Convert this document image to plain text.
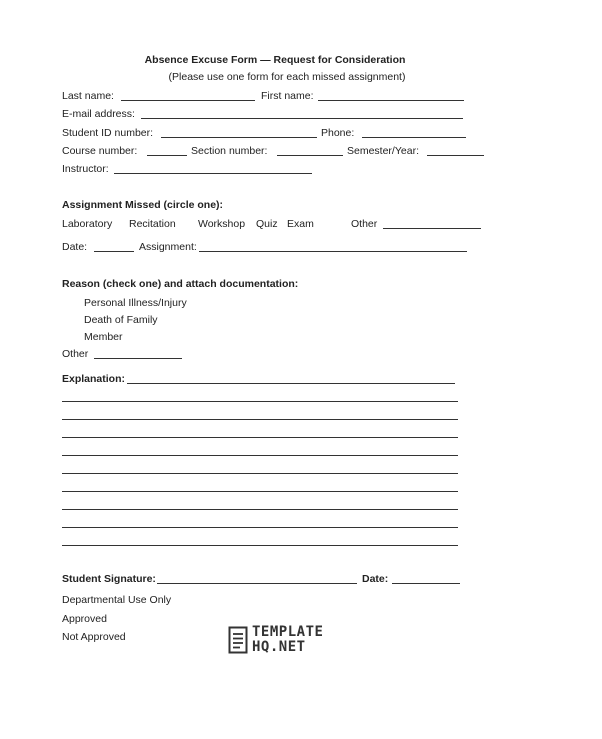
Absence Excuse Form — Request for Consideration
(Please use one form for each missed assignment)
Last name:	First name:
E-mail address:
Student ID number:	Phone:
Course number:	Section number:	Semester/Year:
Instructor:
Assignment Missed (circle one):
Laboratory Recitation Workshop Quiz Exam	Other
Date:	Assignment:
Reason (check one) and attach documentation:
Personal Illness/Injury
Death of Family
Member
Other
Explanation:
Student Signature:	Date:
Departmental Use Only
Approved
Not Approved	TEMPLATE
HQ.NET
